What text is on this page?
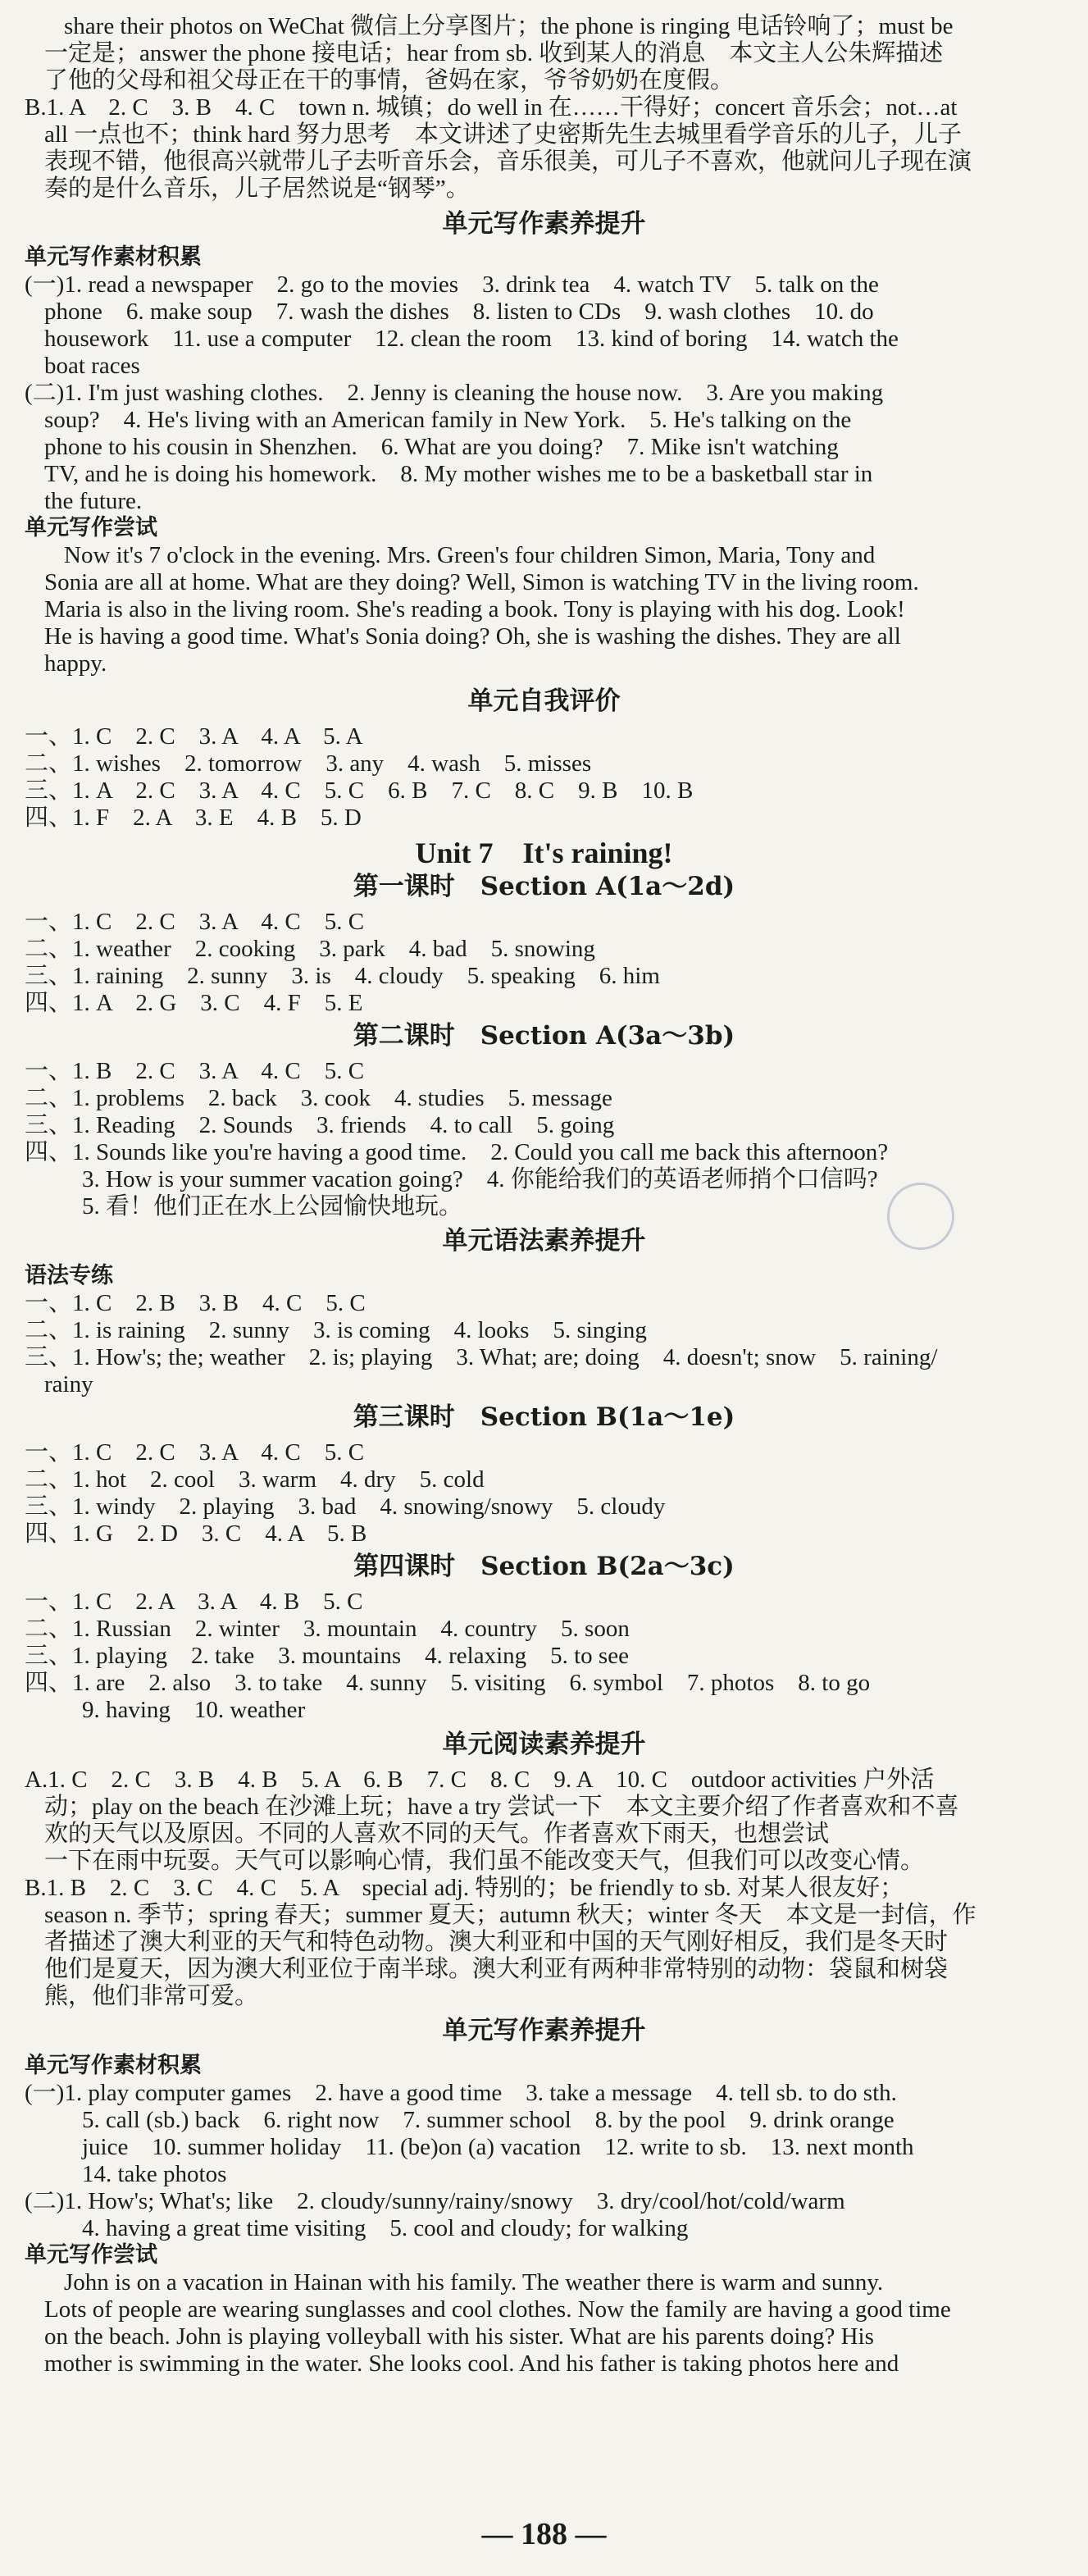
share their photos on WeChat 微信上分享图片；the phone is ringing 电话铃响了；must be
一定是；answer the phone 接电话；hear from sb. 收到某人的消息　本文主人公朱辉描述
了他的父母和祖父母正在干的事情，爸妈在家，爷爷奶奶在度假。
B.1. A　2. C　3. B　4. C　town n. 城镇；do well in 在……干得好；concert 音乐会；not…at
all 一点也不；think hard 努力思考　本文讲述了史密斯先生去城里看学音乐的儿子，儿子
表现不错，他很高兴就带儿子去听音乐会，音乐很美，可儿子不喜欢，他就问儿子现在演
奏的是什么音乐，儿子居然说是“钢琴”。
单元写作素养提升
单元写作素材积累
(一)1. read a newspaper　2. go to the movies　3. drink tea　4. watch TV　5. talk on the
phone　6. make soup　7. wash the dishes　8. listen to CDs　9. wash clothes　10. do
housework　11. use a computer　12. clean the room　13. kind of boring　14. watch the
boat races
(二)1. I'm just washing clothes.　2. Jenny is cleaning the house now.　3. Are you making
soup?　4. He's living with an American family in New York.　5. He's talking on the
phone to his cousin in Shenzhen.　6. What are you doing?　7. Mike isn't watching
TV, and he is doing his homework.　8. My mother wishes me to be a basketball star in
the future.
单元写作尝试
Now it's 7 o'clock in the evening. Mrs. Green's four children Simon, Maria, Tony and
Sonia are all at home. What are they doing? Well, Simon is watching TV in the living room.
Maria is also in the living room. She's reading a book. Tony is playing with his dog. Look!
He is having a good time. What's Sonia doing? Oh, she is washing the dishes. They are all
happy.
单元自我评价
一、1. C　2. C　3. A　4. A　5. A
二、1. wishes　2. tomorrow　3. any　4. wash　5. misses
三、1. A　2. C　3. A　4. C　5. C　6. B　7. C　8. C　9. B　10. B
四、1. F　2. A　3. E　4. B　5. D
Unit 7　It's raining!
第一课时　Section A(1a～2d)
一、1. C　2. C　3. A　4. C　5. C
二、1. weather　2. cooking　3. park　4. bad　5. snowing
三、1. raining　2. sunny　3. is　4. cloudy　5. speaking　6. him
四、1. A　2. G　3. C　4. F　5. E
第二课时　Section A(3a～3b)
一、1. B　2. C　3. A　4. C　5. C
二、1. problems　2. back　3. cook　4. studies　5. message
三、1. Reading　2. Sounds　3. friends　4. to call　5. going
四、1. Sounds like you're having a good time.　2. Could you call me back this afternoon?
3. How is your summer vacation going?　4. 你能给我们的英语老师捎个口信吗?
5. 看！他们正在水上公园愉快地玩。
单元语法素养提升
语法专练
一、1. C　2. B　3. B　4. C　5. C
二、1. is raining　2. sunny　3. is coming　4. looks　5. singing
三、1. How's; the; weather　2. is; playing　3. What; are; doing　4. doesn't; snow　5. raining/
rainy
第三课时　Section B(1a～1e)
一、1. C　2. C　3. A　4. C　5. C
二、1. hot　2. cool　3. warm　4. dry　5. cold
三、1. windy　2. playing　3. bad　4. snowing/snowy　5. cloudy
四、1. G　2. D　3. C　4. A　5. B
第四课时　Section B(2a～3c)
一、1. C　2. A　3. A　4. B　5. C
二、1. Russian　2. winter　3. mountain　4. country　5. soon
三、1. playing　2. take　3. mountains　4. relaxing　5. to see
四、1. are　2. also　3. to take　4. sunny　5. visiting　6. symbol　7. photos　8. to go
9. having　10. weather
单元阅读素养提升
A.1. C　2. C　3. B　4. B　5. A　6. B　7. C　8. C　9. A　10. C　outdoor activities 户外活
动；play on the beach 在沙滩上玩；have a try 尝试一下　本文主要介绍了作者喜欢和不喜
欢的天气以及原因。不同的人喜欢不同的天气。作者喜欢下雨天，也想尝试
一下在雨中玩耍。天气可以影响心情，我们虽不能改变天气，但我们可以改变心情。
B.1. B　2. C　3. C　4. C　5. A　special adj. 特别的；be friendly to sb. 对某人很友好；
season n. 季节；spring 春天；summer 夏天；autumn 秋天；winter 冬天　本文是一封信，作
者描述了澳大利亚的天气和特色动物。澳大利亚和中国的天气刚好相反，我们是冬天时
他们是夏天，因为澳大利亚位于南半球。澳大利亚有两种非常特别的动物：袋鼠和树袋
熊，他们非常可爱。
单元写作素养提升
单元写作素材积累
(一)1. play computer games　2. have a good time　3. take a message　4. tell sb. to do sth.
5. call (sb.) back　6. right now　7. summer school　8. by the pool　9. drink orange
juice　10. summer holiday　11. (be)on (a) vacation　12. write to sb.　13. next month
14. take photos
(二)1. How's; What's; like　2. cloudy/sunny/rainy/snowy　3. dry/cool/hot/cold/warm
4. having a great time visiting　5. cool and cloudy; for walking
单元写作尝试
John is on a vacation in Hainan with his family. The weather there is warm and sunny.
Lots of people are wearing sunglasses and cool clothes. Now the family are having a good time
on the beach. John is playing volleyball with his sister. What are his parents doing? His
mother is swimming in the water. She looks cool. And his father is taking photos here and
— 188 —
